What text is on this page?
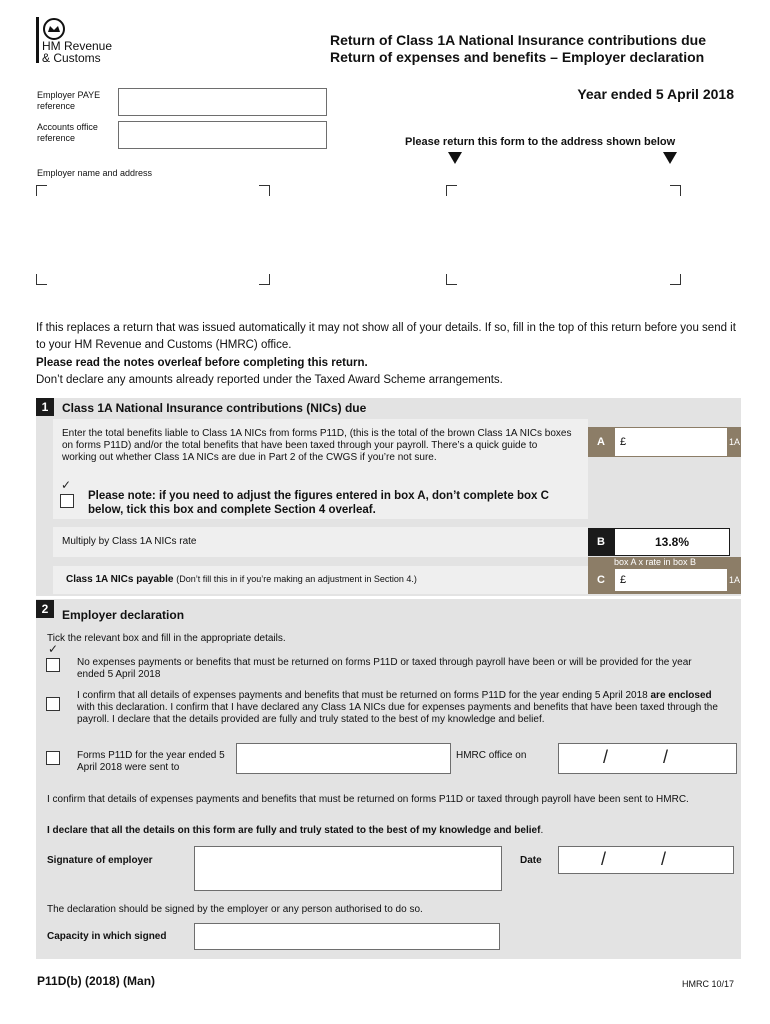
HM Revenue
& Customs
Return of Class 1A National Insurance contributions due
Return of expenses and benefits – Employer declaration
Year ended 5 April 2018
Employer PAYE reference
Accounts office reference	Please return this form to the address shown below
Employer name and address
If this replaces a return that was issued automatically it may not show all of your details. If so, fill in the top of this return before you send it to your HM Revenue and Customs (HMRC) office.
Please read the notes overleaf before completing this return.
Don’t declare any amounts already reported under the Taxed Award Scheme arrangements.
1	Class 1A National Insurance contributions (NICs) due
Enter the total benefits liable to Class 1A NICs from forms P11D, (this is the total of the brown Class 1A NICs boxes on forms P11D) and/or the total benefits that have been taxed through your payroll. There’s a quick guide to working out whether Class 1A NICs are due in Part 2 of the CWGS if you’re not sure.
A	£	1A
✓
Please note: if you need to adjust the figures entered in box A, don’t complete box C below, tick this box and complete Section 4 overleaf.
Multiply by Class 1A NICs rate	B	13.8%
Class 1A NICs payable (Don’t fill this in if you’re making an adjustment in Section 4.)
box A x rate in box B
C	£	1A
2	Employer declaration
Tick the relevant box and fill in the appropriate details.
✓
No expenses payments or benefits that must be returned on forms P11D or taxed through payroll have been or will be provided for the year ended 5 April 2018
I confirm that all details of expenses payments and benefits that must be returned on forms P11D for the year ending 5 April 2018 are enclosed with this declaration. I confirm that I have declared any Class 1A NICs due for expenses payments and benefits that have been taxed through the payroll. I declare that the details provided are fully and truly stated to the best of my knowledge and belief.
Forms P11D for the year ended 5 April 2018 were sent to
HMRC office on	/	/
I confirm that details of expenses payments and benefits that must be returned on forms P11D or taxed through payroll have been sent to HMRC.
I declare that all the details on this form are fully and truly stated to the best of my knowledge and belief.
Signature of employer	Date	/	/
The declaration should be signed by the employer or any person authorised to do so.
Capacity in which signed
P11D(b) (2018) (Man)	HMRC 10/17
